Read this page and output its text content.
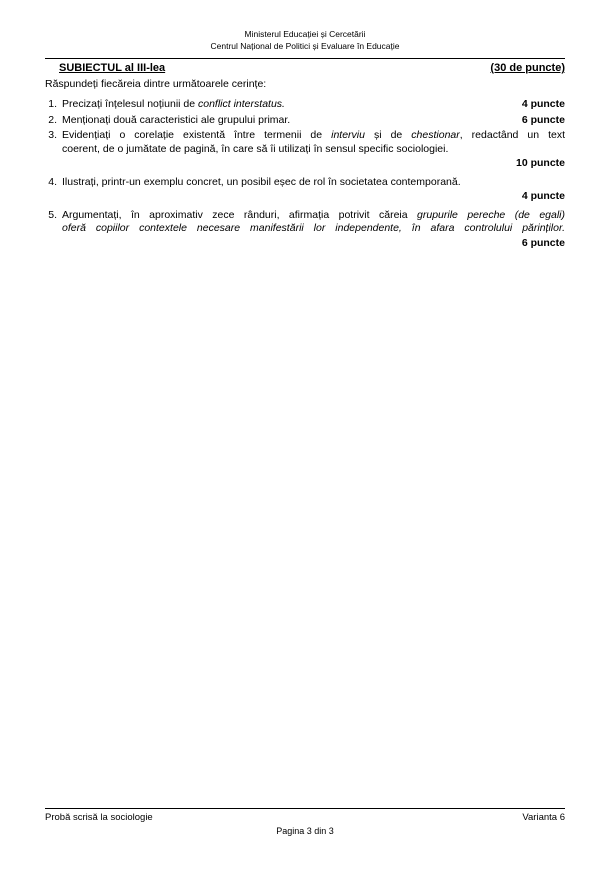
Ministerul Educației și Cercetării
Centrul Național de Politici și Evaluare în Educație
SUBIECTUL al III-lea	(30 de puncte)
Răspundeți fiecăreia dintre următoarele cerințe:
1. Precizați înțelesul noțiunii de conflict interstatus.	4 puncte
2. Menționați două caracteristici ale grupului primar.	6 puncte
3. Evidențiați o corelație existentă între termenii de interviu și de chestionar, redactând un text
coerent, de o jumătate de pagină, în care să îi utilizați în sensul specific sociologiei.
10 puncte
4. Ilustrați, printr-un exemplu concret, un posibil eșec de rol în societatea contemporană.
4 puncte
5. Argumentați, în aproximativ zece rânduri, afirmația potrivit căreia grupurile pereche (de egali)
oferă copiilor contextele necesare manifestării lor independente, în afara controlului părinților.
6 puncte
Probă scrisă la sociologie	Varianta 6
Pagina 3 din 3
